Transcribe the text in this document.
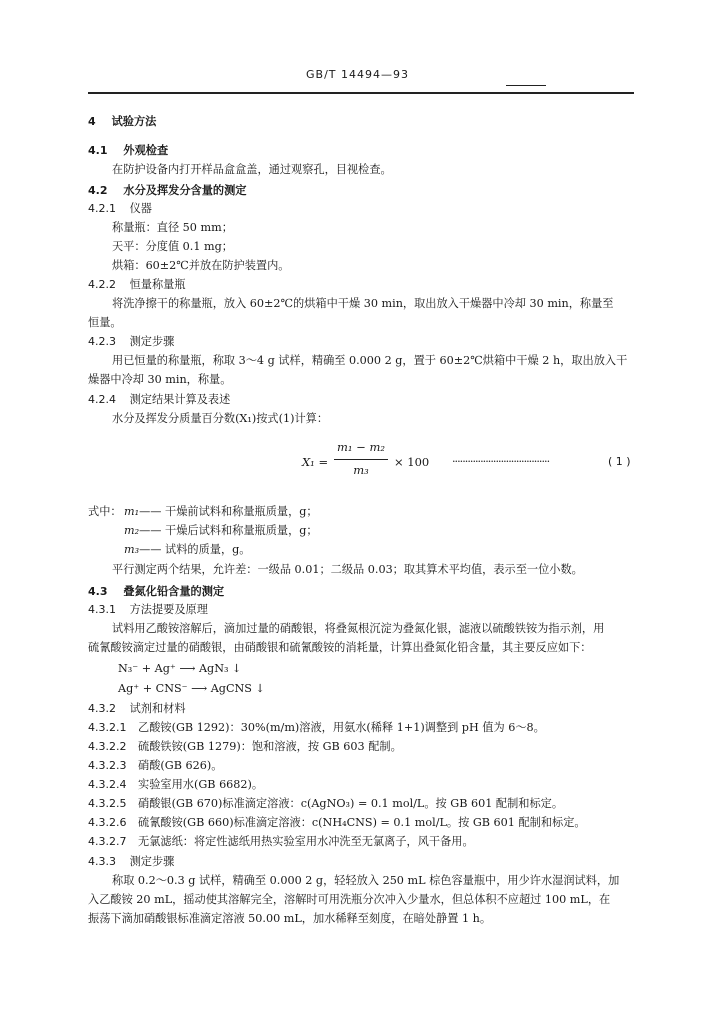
GB/T 14494—93
4 试验方法
4.1 外观检查
在防护设备内打开样品盒盒盖，通过观察孔，目视检查。
4.2 水分及挥发分含量的测定
4.2.1 仪器
称量瓶：直径 50 mm；
天平：分度值 0.1 mg；
烘箱：60±2℃并放在防护装置内。
4.2.2 恒量称量瓶
将洗净擦干的称量瓶，放入 60±2℃的烘箱中干燥 30 min，取出放入干燥器中冷却 30 min，称量至
恒量。
4.2.3 测定步骤
用已恒量的称量瓶，称取 3～4 g 试样，精确至 0.000 2 g，置于 60±2℃烘箱中干燥 2 h，取出放入干
燥器中冷却 30 min，称量。
4.2.4 测定结果计算及表述
水分及挥发分质量百分数(X₁)按式(1)计算：
X₁ =
m₁ − m₂
m₃
× 100 ······································	( 1 )
式中： m₁—— 干燥前试料和称量瓶质量，g；
m₂—— 干燥后试料和称量瓶质量，g；
m₃—— 试料的质量，g。
平行测定两个结果，允许差：一级品 0.01；二级品 0.03；取其算术平均值，表示至一位小数。
4.3 叠氮化铅含量的测定
4.3.1 方法提要及原理
试料用乙酸铵溶解后，滴加过量的硝酸银，将叠氮根沉淀为叠氮化银，滤液以硫酸铁铵为指示剂，用
硫氰酸铵滴定过量的硝酸银，由硝酸银和硫氰酸铵的消耗量，计算出叠氮化铅含量，其主要反应如下：
N₃⁻ + Ag⁺ ⟶ AgN₃ ↓
Ag⁺ + CNS⁻ ⟶ AgCNS ↓
4.3.2 试剂和材料
4.3.2.1 乙酸铵(GB 1292)：30%(m/m)溶液，用氨水(稀释 1+1)调整到 pH 值为 6～8。
4.3.2.2 硫酸铁铵(GB 1279)：饱和溶液，按 GB 603 配制。
4.3.2.3 硝酸(GB 626)。
4.3.2.4 实验室用水(GB 6682)。
4.3.2.5 硝酸银(GB 670)标准滴定溶液：c(AgNO₃) = 0.1 mol/L。按 GB 601 配制和标定。
4.3.2.6 硫氰酸铵(GB 660)标准滴定溶液：c(NH₄CNS) = 0.1 mol/L。按 GB 601 配制和标定。
4.3.2.7 无氯滤纸：将定性滤纸用热实验室用水冲洗至无氯离子，风干备用。
4.3.3 测定步骤
称取 0.2～0.3 g 试样，精确至 0.000 2 g，轻轻放入 250 mL 棕色容量瓶中，用少许水湿润试料，加
入乙酸铵 20 mL，摇动使其溶解完全，溶解时可用洗瓶分次冲入少量水，但总体积不应超过 100 mL，在
振荡下滴加硝酸银标准滴定溶液 50.00 mL，加水稀释至刻度，在暗处静置 1 h。
